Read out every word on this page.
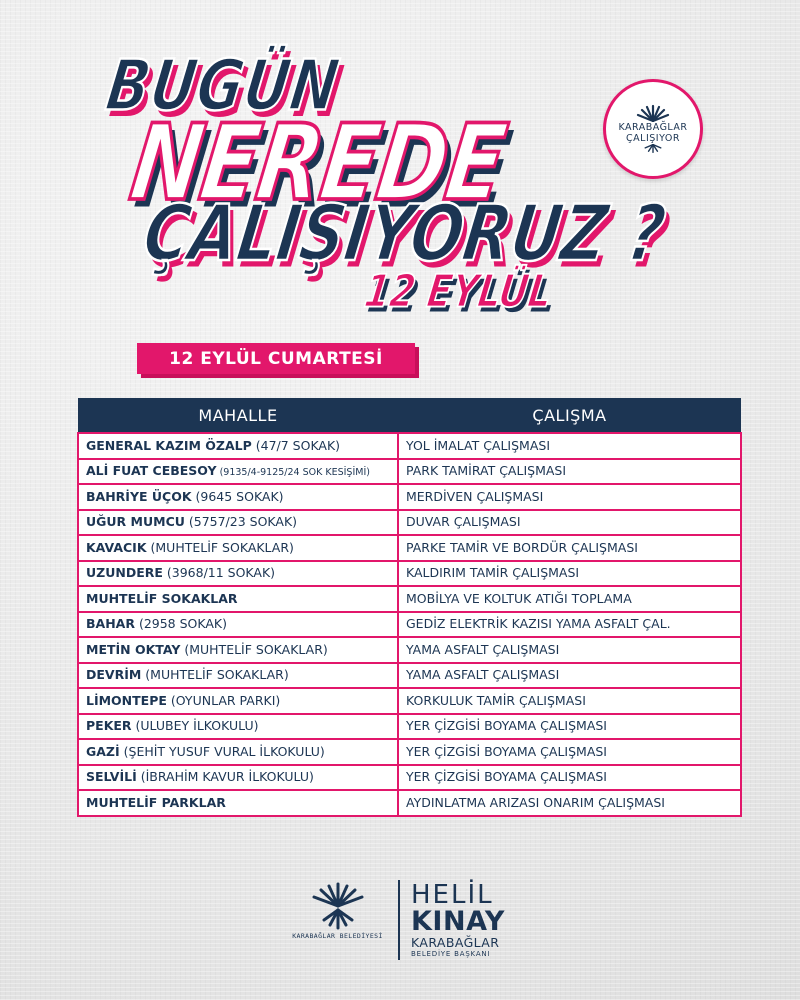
BUGÜN
NEREDE
ÇALIŞIYORUZ ?
12 EYLÜL
KARABAĞLAR
ÇALIŞIYOR
12 EYLÜL CUMARTESİ
MAHALLE	ÇALIŞMA
GENERAL KAZIM ÖZALP (47/7 SOKAK)	YOL İMALAT ÇALIŞMASI
ALİ FUAT CEBESOY (9135/4-9125/24 SOK KESİŞİMİ)	PARK TAMİRAT ÇALIŞMASI
BAHRİYE ÜÇOK (9645 SOKAK)	MERDİVEN ÇALIŞMASI
UĞUR MUMCU (5757/23 SOKAK)	DUVAR ÇALIŞMASI
KAVACIK (MUHTELİF SOKAKLAR)	PARKE TAMİR VE BORDÜR ÇALIŞMASI
UZUNDERE (3968/11 SOKAK)	KALDIRIM TAMİR ÇALIŞMASI
MUHTELİF SOKAKLAR	MOBİLYA VE KOLTUK ATIĞI TOPLAMA
BAHAR (2958 SOKAK)	GEDİZ ELEKTRİK KAZISI YAMA ASFALT ÇAL.
METİN OKTAY (MUHTELİF SOKAKLAR)	YAMA ASFALT ÇALIŞMASI
DEVRİM (MUHTELİF SOKAKLAR)	YAMA ASFALT ÇALIŞMASI
LİMONTEPE (OYUNLAR PARKI)	KORKULUK TAMİR ÇALIŞMASI
PEKER (ULUBEY İLKOKULU)	YER ÇİZGİSİ BOYAMA ÇALIŞMASI
GAZİ (ŞEHİT YUSUF VURAL İLKOKULU)	YER ÇİZGİSİ BOYAMA ÇALIŞMASI
SELVİLİ (İBRAHİM KAVUR İLKOKULU)	YER ÇİZGİSİ BOYAMA ÇALIŞMASI
MUHTELİF PARKLAR	AYDINLATMA ARIZASI ONARIM ÇALIŞMASI
KARABAĞLAR BELEDİYESİ

HELİL

KINAY

KARABAĞLAR

BELEDİYE BAŞKANI
